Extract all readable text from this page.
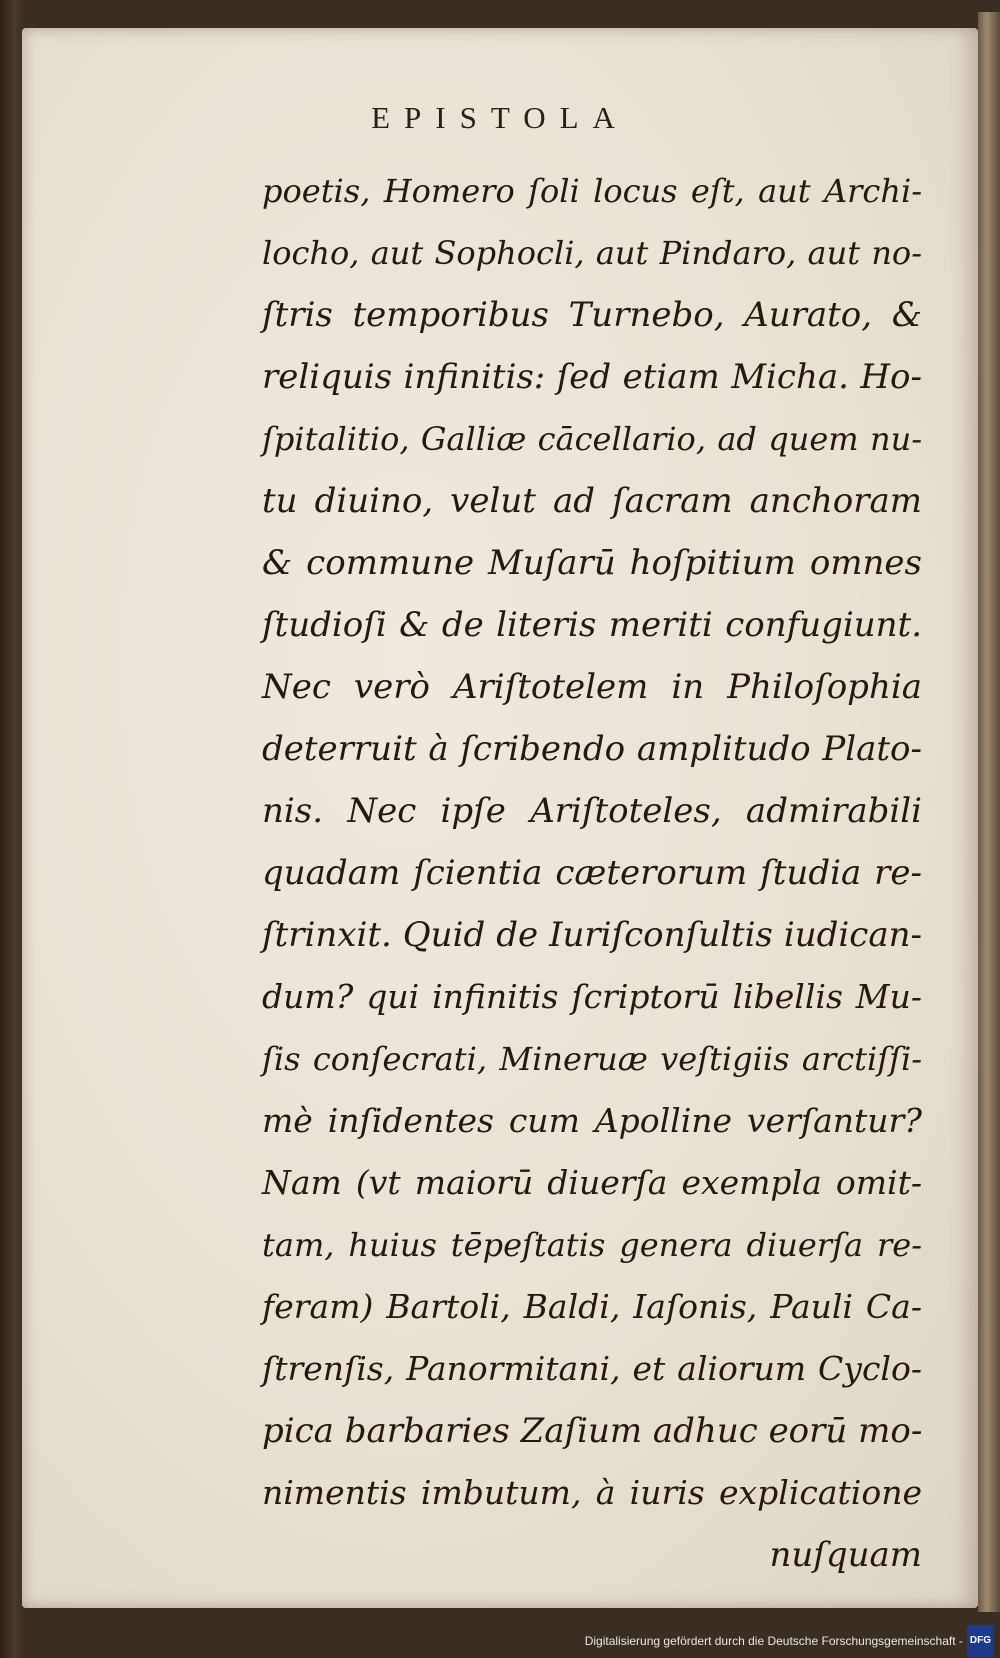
EPISTOLA
poetis, Homero ſoli locus eſt, aut Archi-
locho, aut Sophocli, aut Pindaro, aut no-
ſtris temporibus Turnebo, Aurato, &
reliquis infinitis: ſed etiam Micha. Ho-
ſpitalitio, Galliæ cācellario, ad quem nu-
tu diuino, velut ad ſacram anchoram
& commune Muſarū hoſpitium omnes
ſtudioſi & de literis meriti confugiunt.
Nec verò Ariſtotelem in Philoſophia
deterruit à ſcribendo amplitudo Plato-
nis. Nec ipſe Ariſtoteles, admirabili
quadam ſcientia cæterorum ſtudia re-
ſtrinxit. Quid de Iuriſconſultis iudican-
dum? qui infinitis ſcriptorū libellis Mu-
ſis conſecrati, Mineruæ veſtigiis arctiſſi-
mè inſidentes cum Apolline verſantur?
Nam (vt maiorū diuerſa exempla omit-
tam, huius tēpeſtatis genera diuerſa re-
feram) Bartoli, Baldi, Iaſonis, Pauli Ca-
ſtrenſis, Panormitani, et aliorum Cyclo-
pica barbaries Zaſium adhuc eorū mo-
nimentis imbutum, à iuris explicatione
nuſquam
Digitalisierung gefördert durch die Deutsche Forschungsgemeinschaft - DFG
